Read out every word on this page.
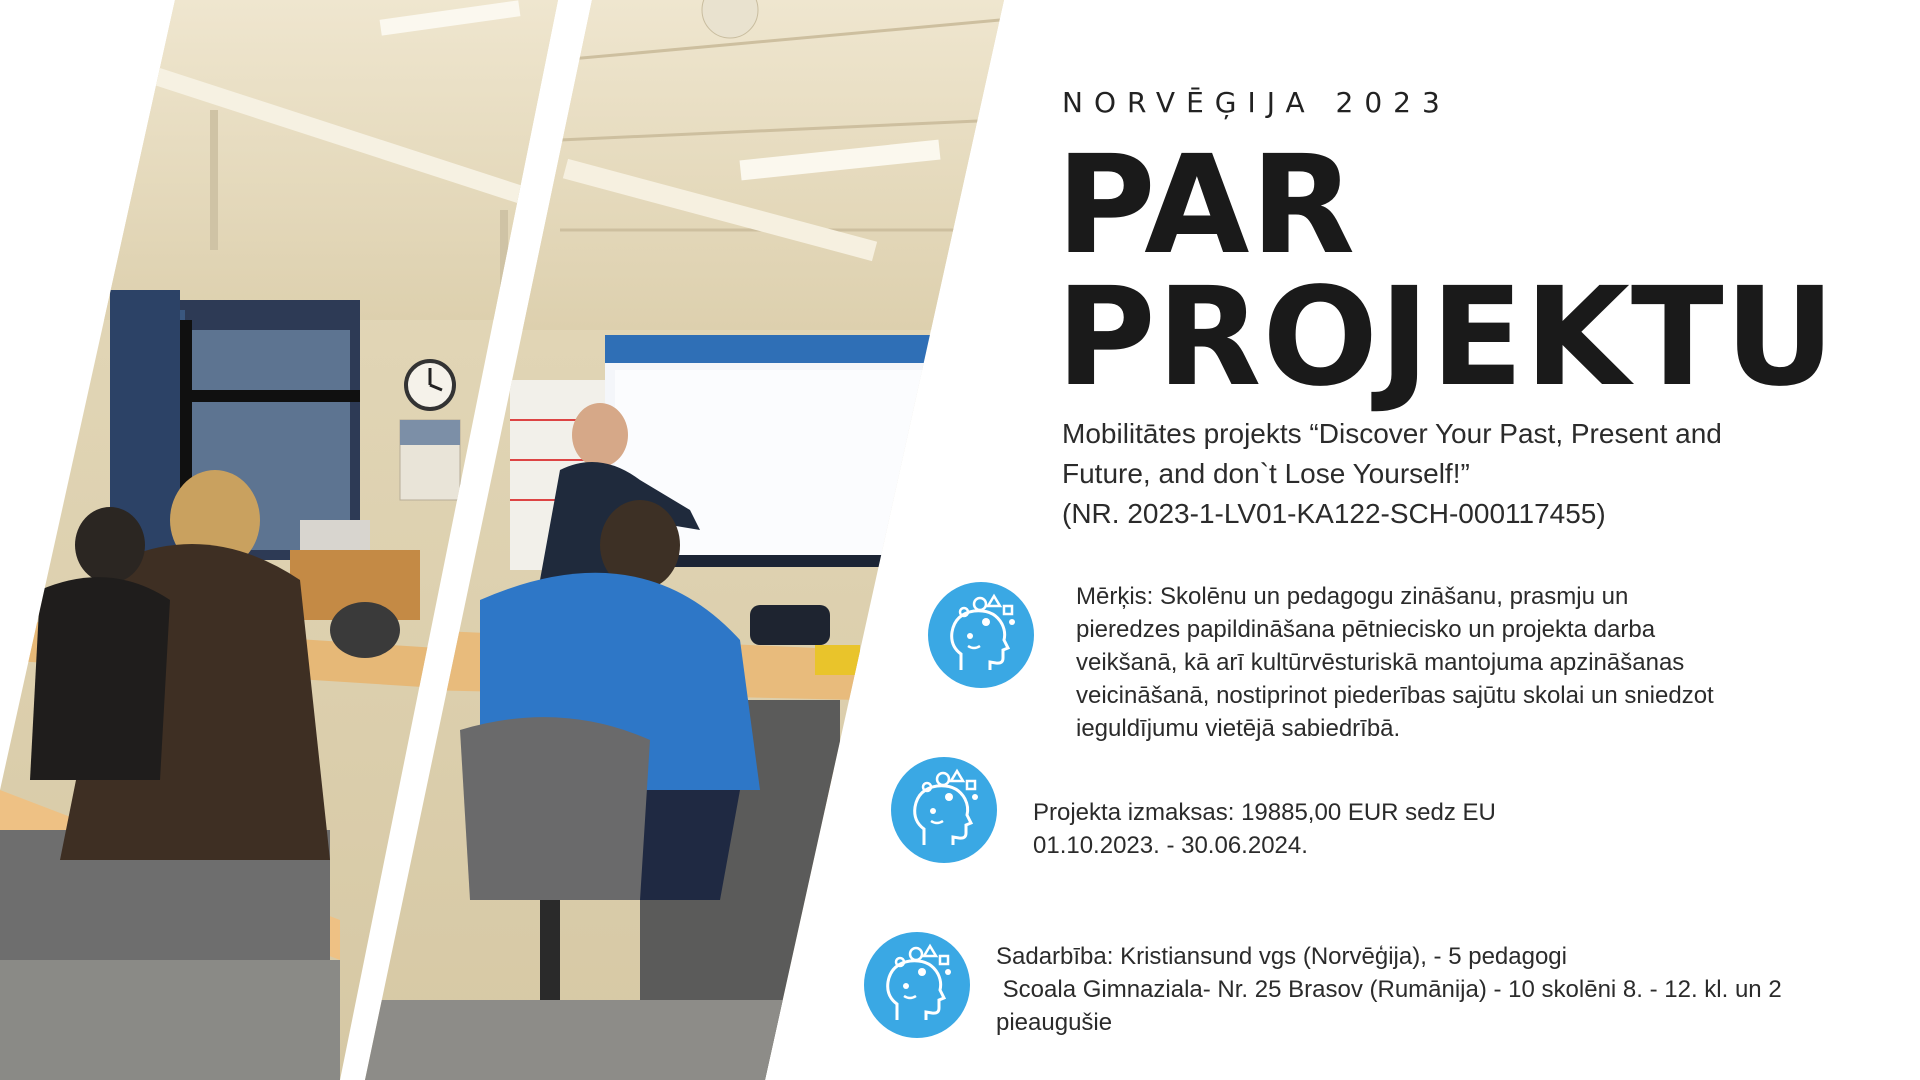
NORVĒĢIJA 2023
PAR
PROJEKTU
Mobilitātes projekts “Discover Your Past, Present and
Future, and don`t Lose Yourself!”
(NR. 2023-1-LV01-KA122-SCH-000117455)
Mērķis: Skolēnu un pedagogu zināšanu, prasmju un
pieredzes papildināšana pētniecisko un projekta darba
veikšanā, kā arī kultūrvēsturiskā mantojuma apzināšanas
veicināšanā, nostiprinot piederības sajūtu skolai un sniedzot
ieguldījumu vietējā sabiedrībā.
Projekta izmaksas: 19885,00 EUR sedz EU
01.10.2023. - 30.06.2024.
Sadarbība: Kristiansund vgs (Norvēģija), - 5 pedagogi
Scoala Gimnaziala- Nr. 25 Brasov (Rumānija) - 10 skolēni 8. - 12. kl. un 2
pieaugušie
